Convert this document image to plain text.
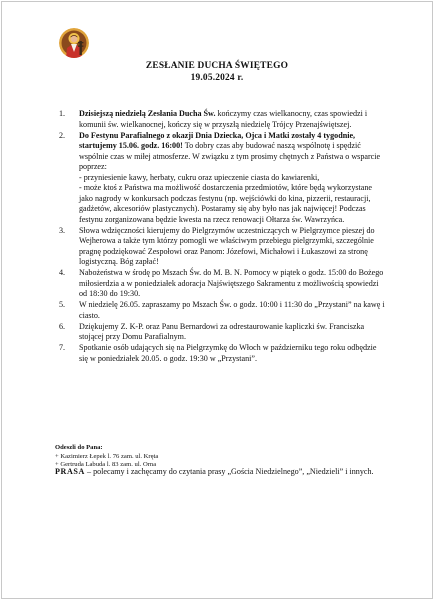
ZESŁANIE DUCHA ŚWIĘTEGO
19.05.2024 r.
1. Dzisiejszą niedzielą Zesłania Ducha Św. kończymy czas wielkanocny, czas spowiedzi i komunii św. wielkanocnej, kończy się w przyszłą niedzielę Trójcy Przenajświętszej.

2. Do Festynu Parafialnego z okazji Dnia Dziecka, Ojca i Matki zostały 4 tygodnie, startujemy 15.06. godz. 16:00! To dobry czas aby budować naszą wspólnotę i spędzić wspólnie czas w miłej atmosferze. W związku z tym prosimy chętnych z Państwa o wsparcie poprzez:

- przyniesienie kawy, herbaty, cukru oraz upieczenie ciasta do kawiarenki,

- może ktoś z Państwa ma możliwość dostarczenia przedmiotów, które będą wykorzystane jako nagrody w konkursach podczas festynu (np. wejściówki do kina, pizzerii, restauracji, gadżetów, akcesoriów plastycznych). Postaramy się aby było nas jak najwięcej! Podczas festynu zorganizowana będzie kwesta na rzecz renowacji Ołtarza św. Wawrzyńca.

3. Słowa wdzięczności kierujemy do Pielgrzymów uczestniczących w Pielgrzymce pieszej do Wejherowa a także tym którzy pomogli we właściwym przebiegu pielgrzymki, szczególnie pragnę podziękować Zespołowi oraz Panom: Józefowi, Michałowi i Łukaszowi za stronę logistyczną. Bóg zapłać!

4. Nabożeństwa w środę po Mszach Św. do M. B. N. Pomocy w piątek o godz. 15:00 do Bożego miłosierdzia a w poniedziałek adoracja Najświętszego Sakramentu z możliwością spowiedzi od 18:30 do 19:30.

5. W niedzielę 26.05. zapraszamy po Mszach Św. o godz. 10:00 i 11:30 do „Przystani” na kawę i ciasto.

6. Dziękujemy Z. K-P. oraz Panu Bernardowi za odrestaurowanie kapliczki św. Franciszka stojącej przy Domu Parafialnym.

7. Spotkanie osób udających się na Pielgrzymkę do Włoch w październiku tego roku odbędzie się w poniedziałek 20.05. o godz. 19:30 w „Przystani”.

Odeszli do Pana:
+ Kazimierz Łepek l. 76 zam. ul. Kręta
+ Gertruda Labuda l. 83 zam. ul. Orna
PRASA – polecamy i zachęcamy do czytania prasy „Gościa Niedzielnego”, „Niedzieli” i innych.
